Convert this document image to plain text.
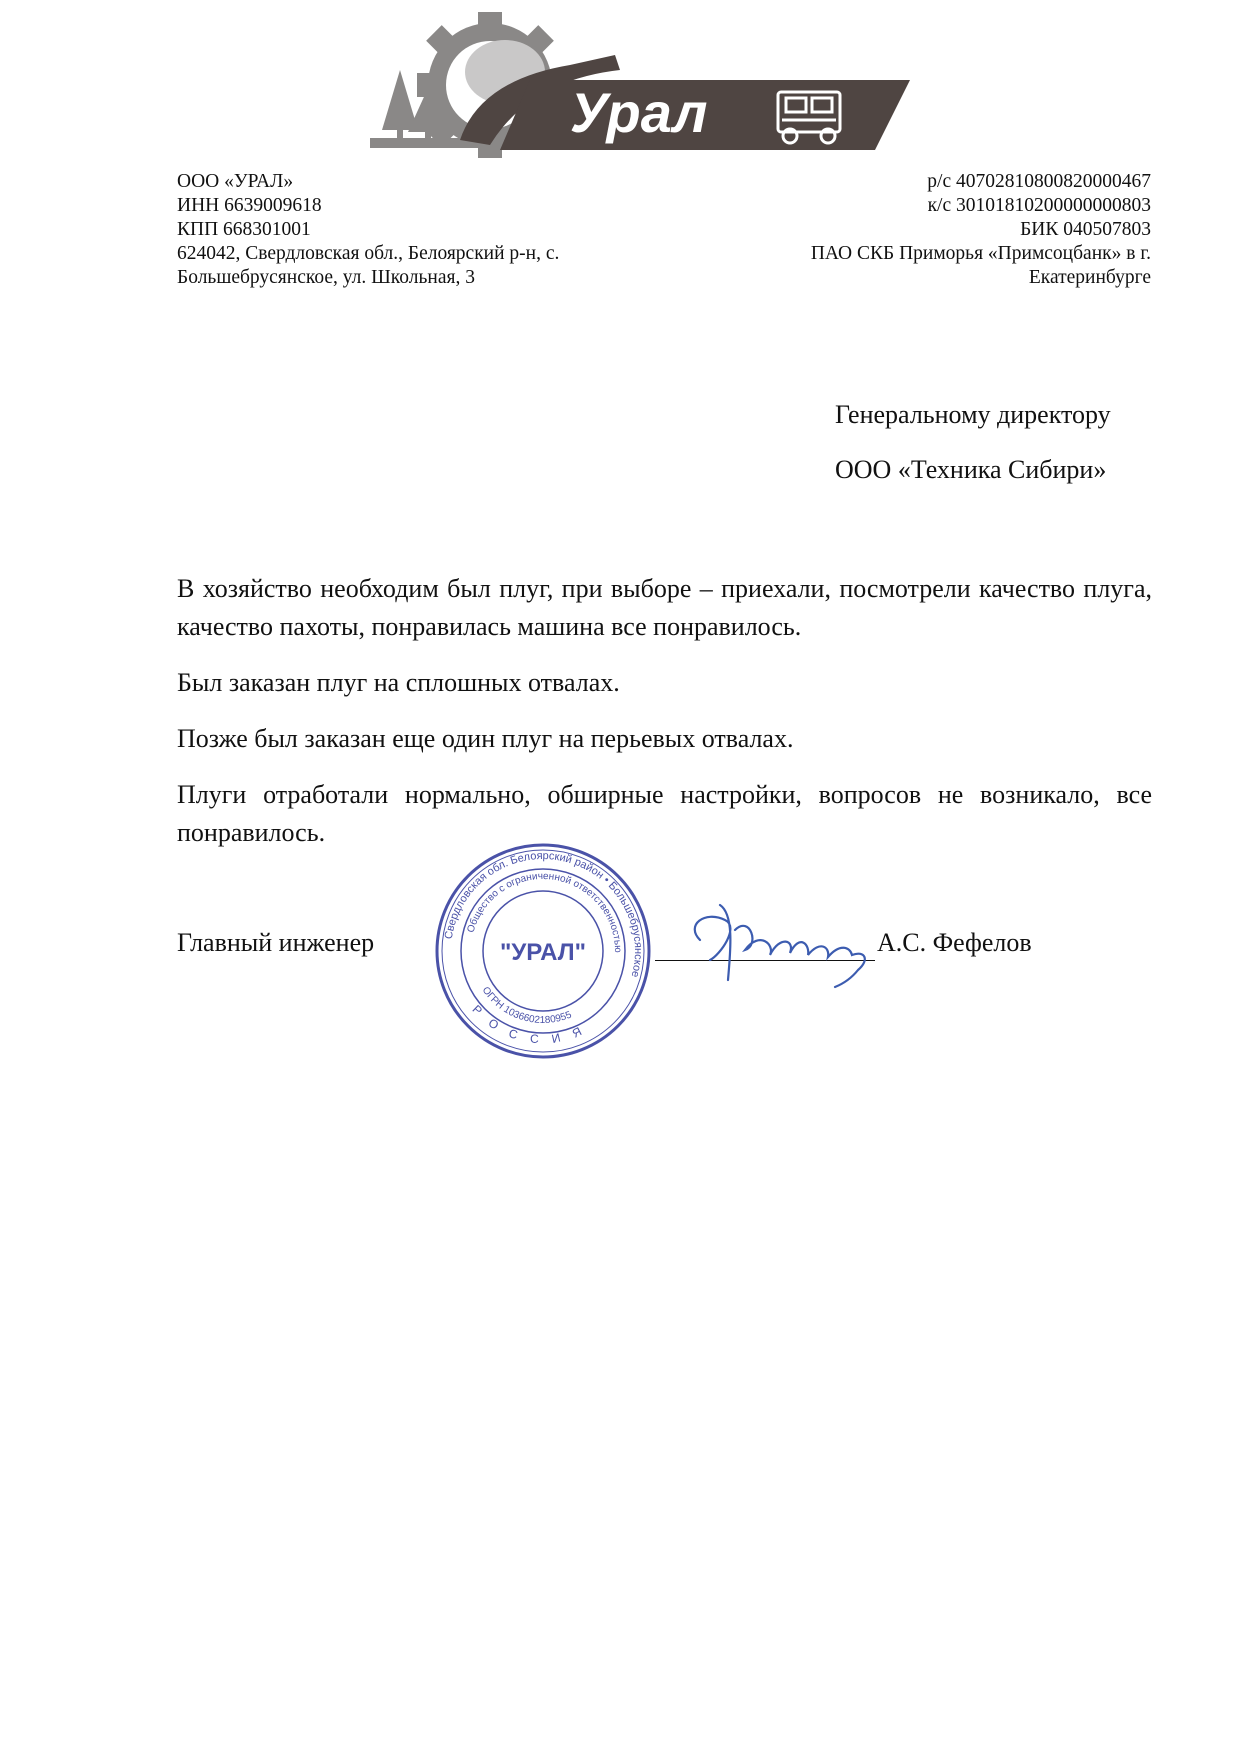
Урал
ООО «УРАЛ»
ИНН 6639009618
КПП 668301001
624042, Свердловская обл., Белоярский р-н, с.
Большебрусянское, ул. Школьная, 3
р/с 40702810800820000467
к/с 30101810200000000803
БИК 040507803
ПАО СКБ Приморья «Примсоцбанк» в г.
Екатеринбурге
Генеральному директору
ООО «Техника Сибири»

В хозяйство необходим был плуг, при выборе – приехали, посмотрели качество плуга, качество пахоты, понравилась машина все понравилось.

Был заказан плуг на сплошных отвалах.

Позже был заказан еще один плуг на перьевых отвалах.

Плуги отработали нормально, обширные настройки, вопросов не возникало, все понравилось.

Свердловская обл. Белоярский район • Большебрусянское
Общество с ограниченной ответственностью
РОССИЯ
ОГРН 1036602180955
"УРАЛ"
Главный инженер	А.С. Фефелов
